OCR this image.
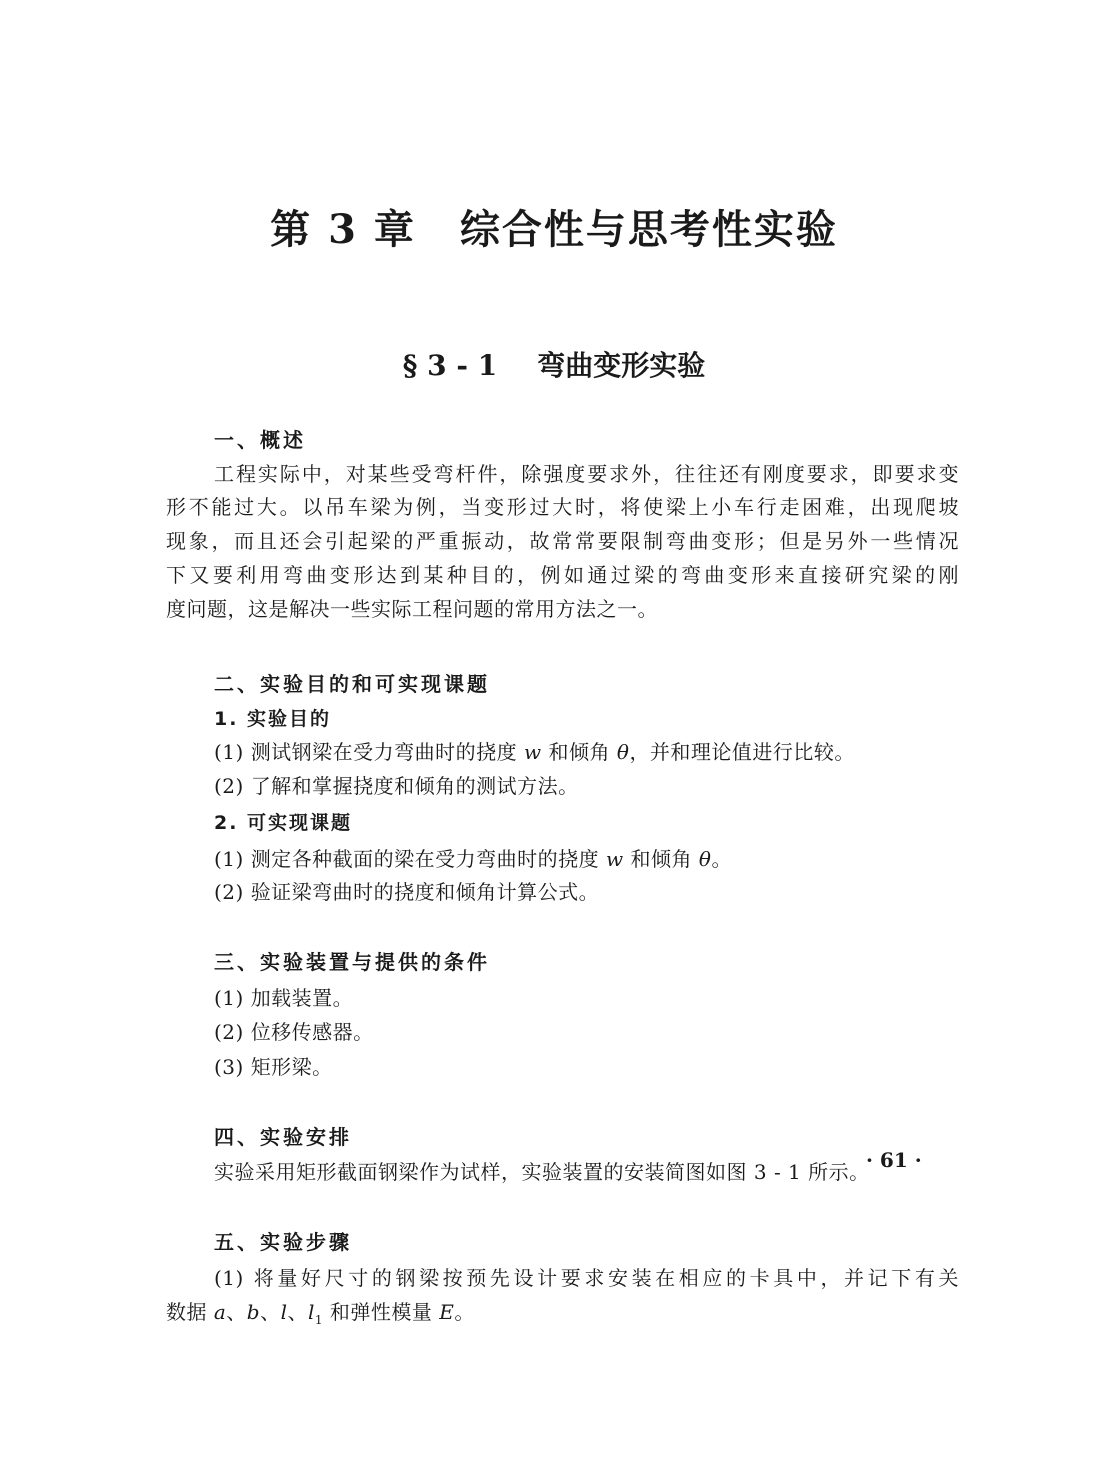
第 3 章 综合性与思考性实验
§ 3 - 1 弯曲变形实验
一、概述
工程实际中，对某些受弯杆件，除强度要求外，往往还有刚度要求，即要求变
形不能过大。以吊车梁为例，当变形过大时，将使梁上小车行走困难，出现爬坡
现象，而且还会引起梁的严重振动，故常常要限制弯曲变形；但是另外一些情况
下又要利用弯曲变形达到某种目的，例如通过梁的弯曲变形来直接研究梁的刚
度问题，这是解决一些实际工程问题的常用方法之一。
二、实验目的和可实现课题
1. 实验目的
(1) 测试钢梁在受力弯曲时的挠度 w 和倾角 θ，并和理论值进行比较。
(2) 了解和掌握挠度和倾角的测试方法。
2. 可实现课题
(1) 测定各种截面的梁在受力弯曲时的挠度 w 和倾角 θ。
(2) 验证梁弯曲时的挠度和倾角计算公式。
三、实验装置与提供的条件
(1) 加载装置。
(2) 位移传感器。
(3) 矩形梁。
四、实验安排
实验采用矩形截面钢梁作为试样，实验装置的安装简图如图 3 - 1 所示。
五、实验步骤
(1) 将量好尺寸的钢梁按预先设计要求安装在相应的卡具中，并记下有关
数据 a、b、l、$l_1$ 和弹性模量 E。
· 61 ·
